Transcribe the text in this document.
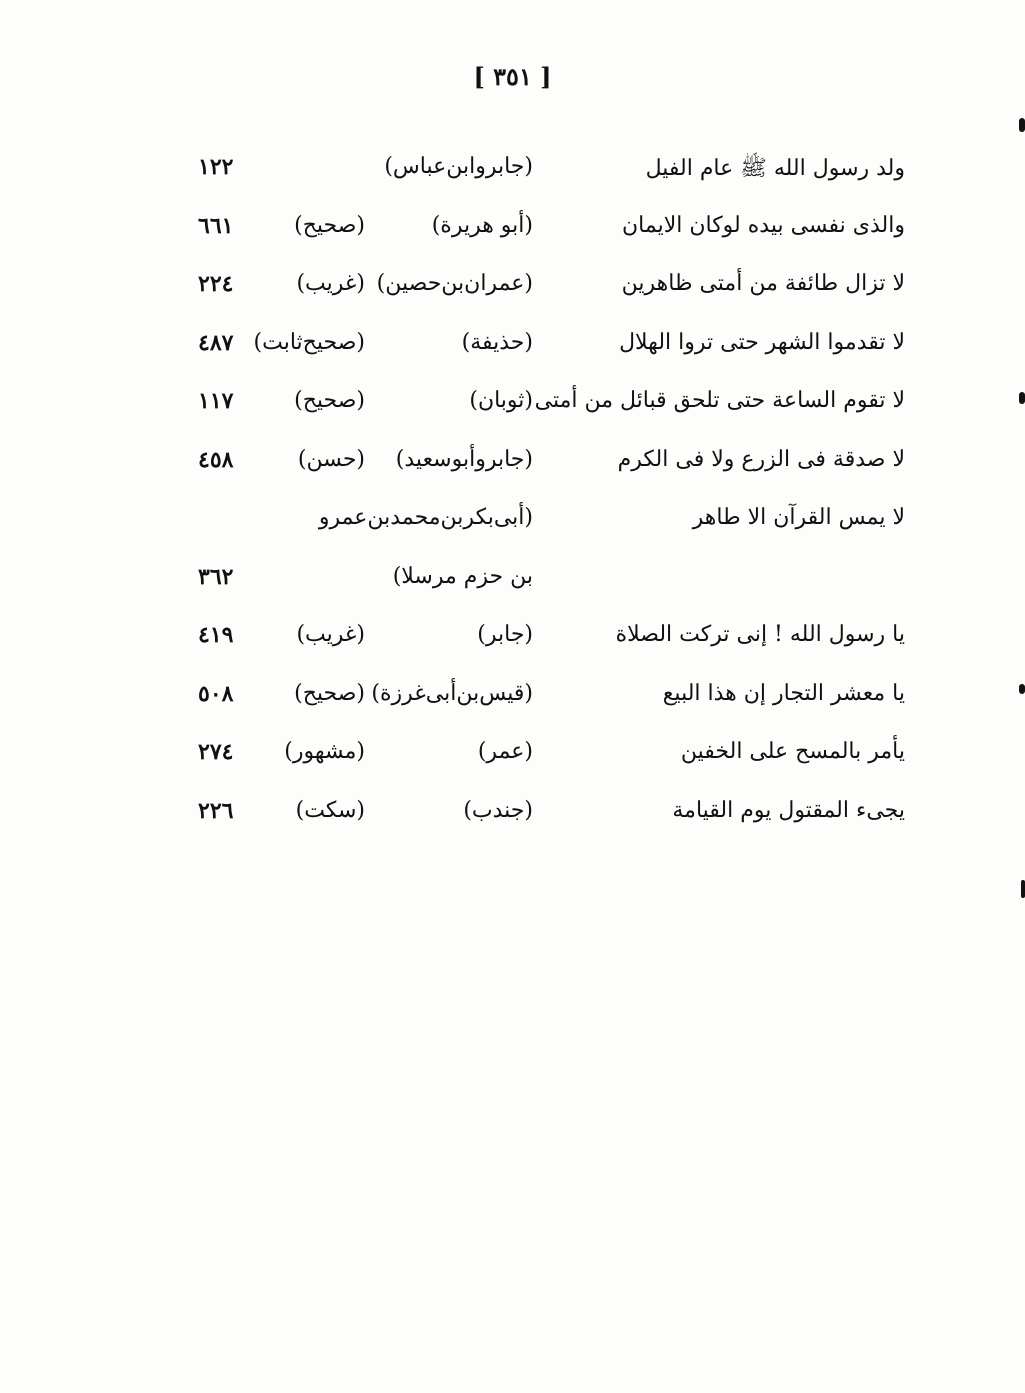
[ ٣٥١ ]
ولد رسول الله ﷺ عام الفيل
(جابروابن‌عباس)
١٢٢
والذى نفسى بيده لوكان الايمان
(أبو هريرة)
(صحيح)
٦٦١
لا تزال طائفة من أمتى ظاهرين
(عمران‌بن‌حصين)
(غريب)
٢٢٤
لا تقدموا الشهر حتى تروا الهلال
(حذيفة)
(صحيح‌ثابت)
٤٨٧
لا تقوم الساعة حتى تلحق قبائل من أمتى
(ثوبان)
(صحيح)
١١٧
لا صدقة فى الزرع ولا فى الكرم
(جابروأبوسعيد)
(حسن)
٤٥٨
لا يمس القرآن الا طاهر
(أبى‌بكربن‌محمدبن‌عمرو
بن حزم مرسلا)
٣٦٢
يا رسول الله ! إنى تركت الصلاة
(جابر)
(غريب)
٤١٩
يا معشر التجار إن هذا البيع
(قيس‌بن‌أبى‌غرزة)
(صحيح)
٥٠٨
يأمر بالمسح على الخفين
(عمر)
(مشهور)
٢٧٤
يجىء المقتول يوم القيامة
(جندب)
(سكت)
٢٢٦
